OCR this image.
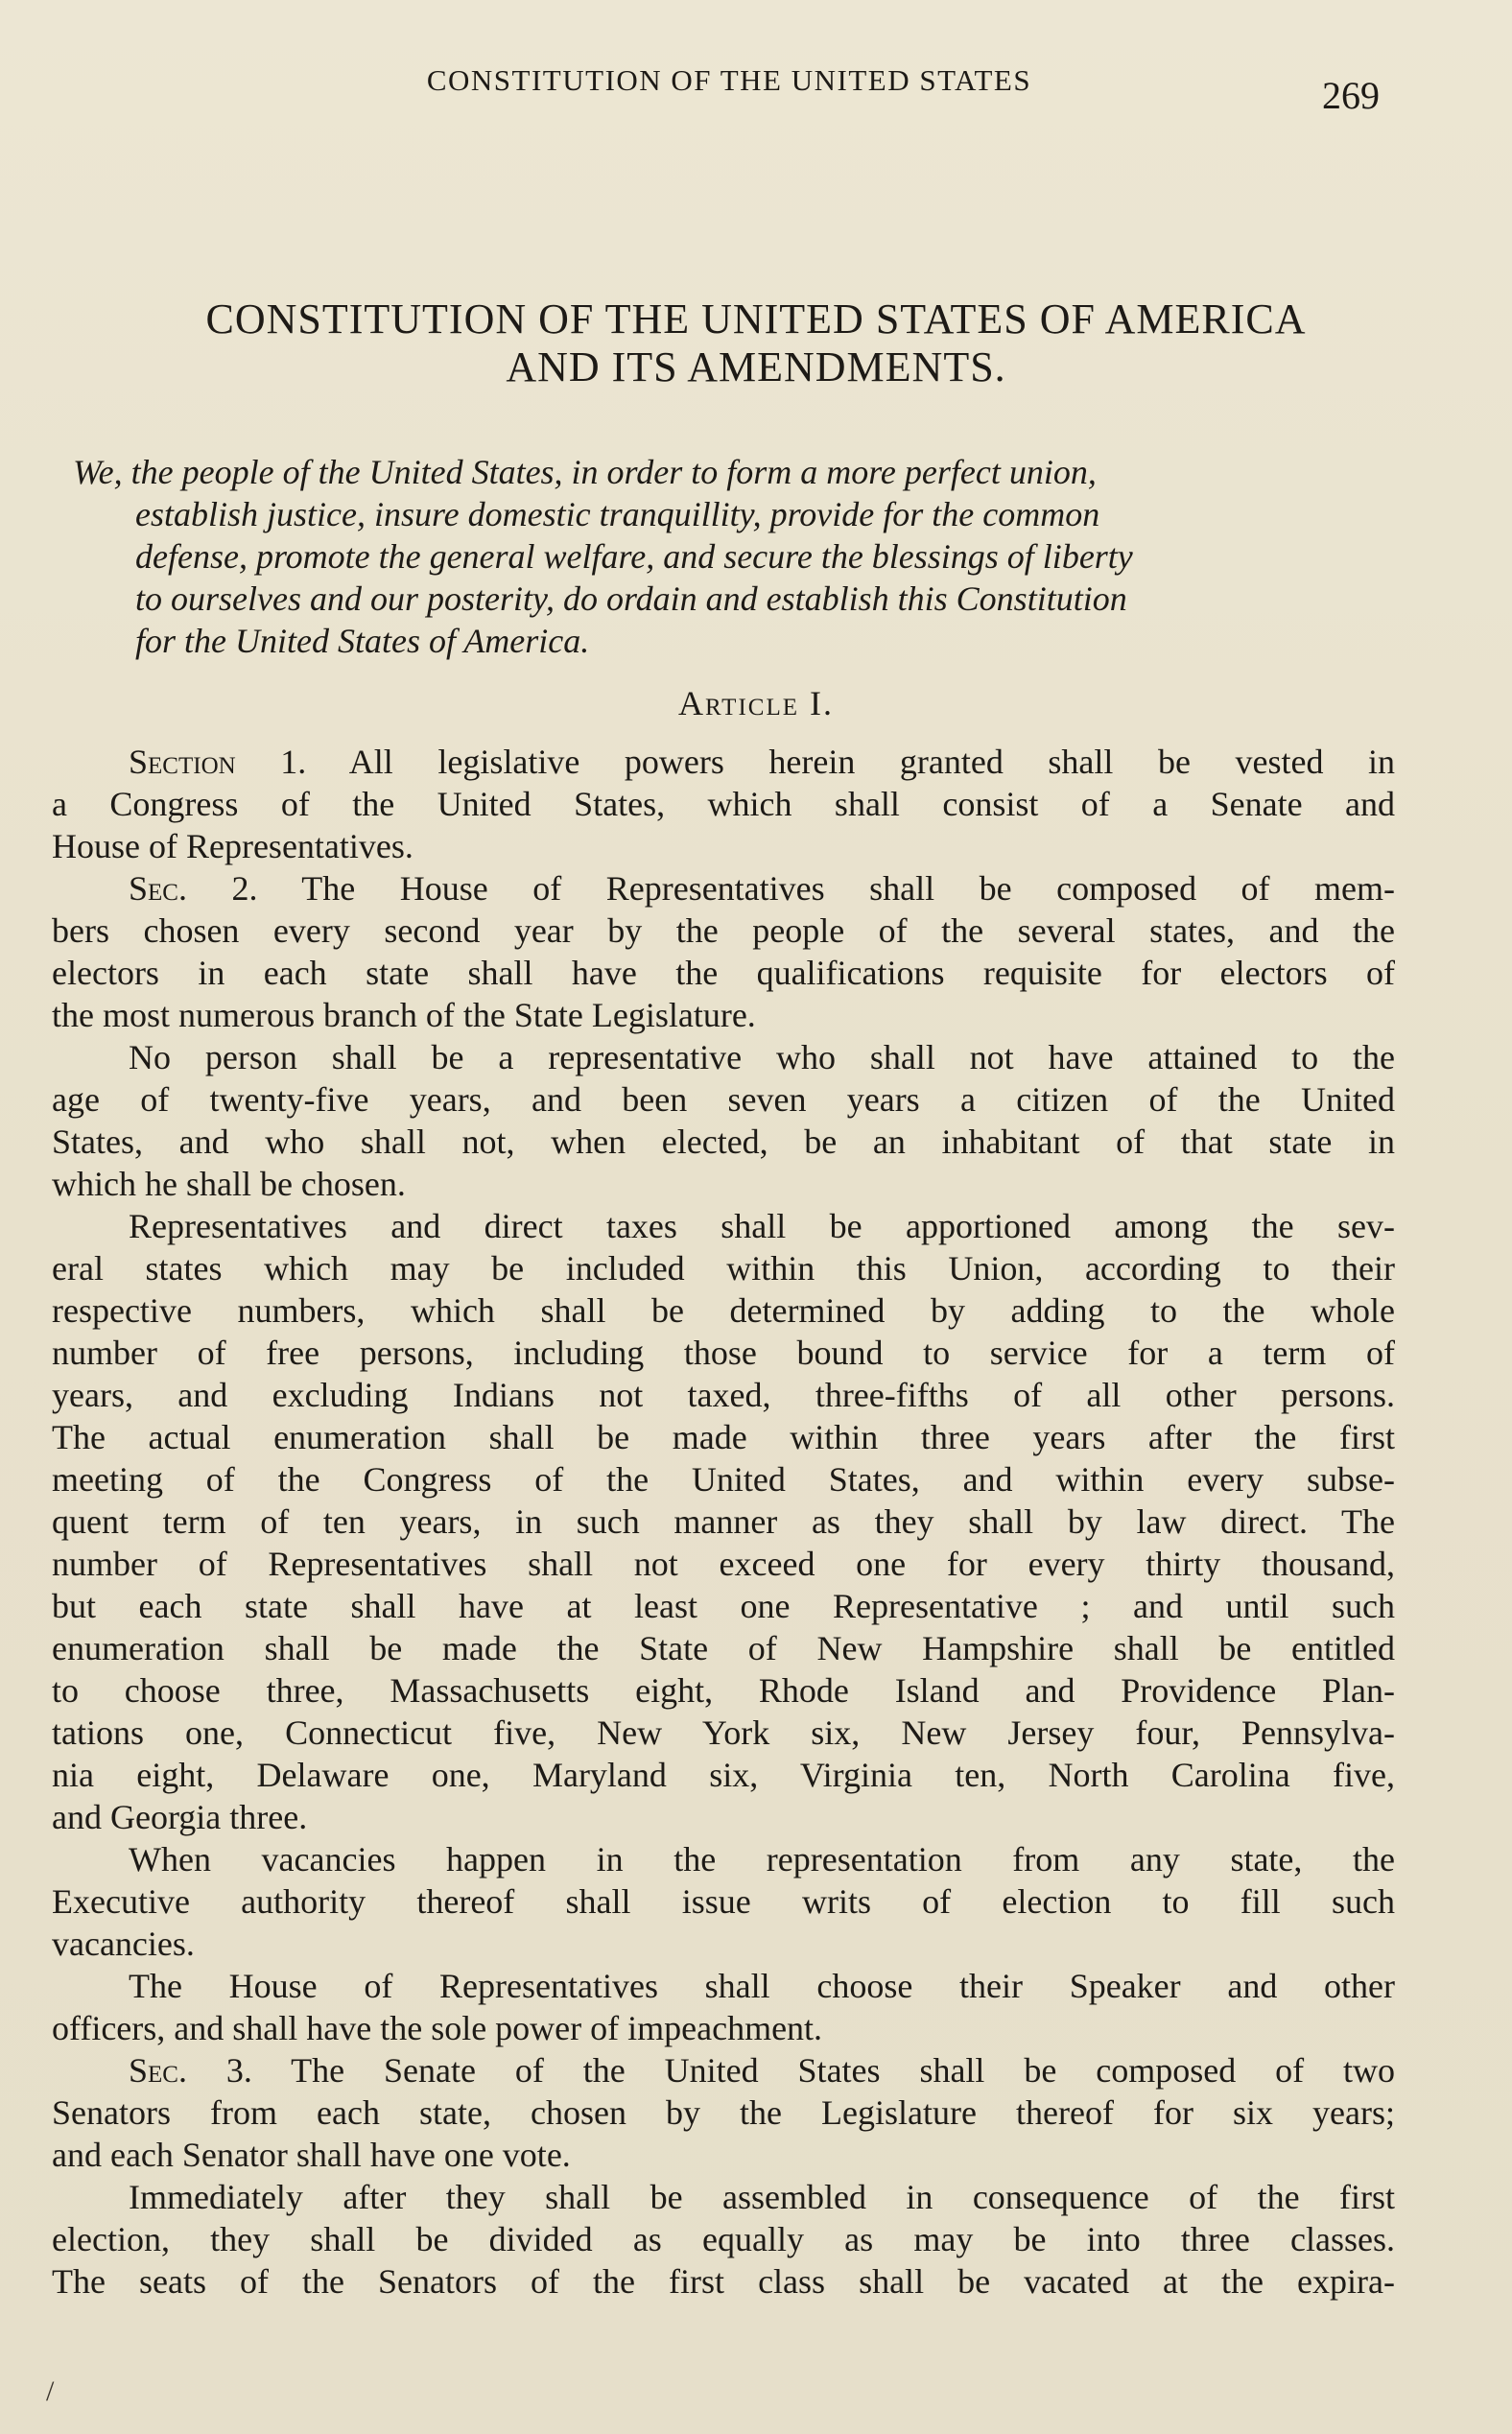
CONSTITUTION OF THE UNITED STATES	269
CONSTITUTION OF THE UNITED STATES OF AMERICA
AND ITS AMENDMENTS.

We, the people of the United States, in order to form a more perfect union,
establish justice, insure domestic tranquillity, provide for the common
defense, promote the general welfare, and secure the blessings of liberty
to ourselves and our posterity, do ordain and establish this Constitution
for the United States of America.

Article I.
Section 1. All legislative powers herein granted shall be vested in
a Congress of the United States, which shall consist of a Senate and
House of Representatives.
Sec. 2. The House of Representatives shall be composed of mem-
bers chosen every second year by the people of the several states, and the
electors in each state shall have the qualifications requisite for electors of
the most numerous branch of the State Legislature.
No person shall be a representative who shall not have attained to the
age of twenty-five years, and been seven years a citizen of the United
States, and who shall not, when elected, be an inhabitant of that state in
which he shall be chosen.
Representatives and direct taxes shall be apportioned among the sev-
eral states which may be included within this Union, according to their
respective numbers, which shall be determined by adding to the whole
number of free persons, including those bound to service for a term of
years, and excluding Indians not taxed, three-fifths of all other persons.
The actual enumeration shall be made within three years after the first
meeting of the Congress of the United States, and within every subse-
quent term of ten years, in such manner as they shall by law direct. The
number of Representatives shall not exceed one for every thirty thousand,
but each state shall have at least one Representative ; and until such
enumeration shall be made the State of New Hampshire shall be entitled
to choose three, Massachusetts eight, Rhode Island and Providence Plan-
tations one, Connecticut five, New York six, New Jersey four, Pennsylva-
nia eight, Delaware one, Maryland six, Virginia ten, North Carolina five,
and Georgia three.
When vacancies happen in the representation from any state, the
Executive authority thereof shall issue writs of election to fill such
vacancies.
The House of Representatives shall choose their Speaker and other
officers, and shall have the sole power of impeachment.
Sec. 3. The Senate of the United States shall be composed of two
Senators from each state, chosen by the Legislature thereof for six years;
and each Senator shall have one vote.
Immediately after they shall be assembled in consequence of the first
election, they shall be divided as equally as may be into three classes.
The seats of the Senators of the first class shall be vacated at the expira-
/
